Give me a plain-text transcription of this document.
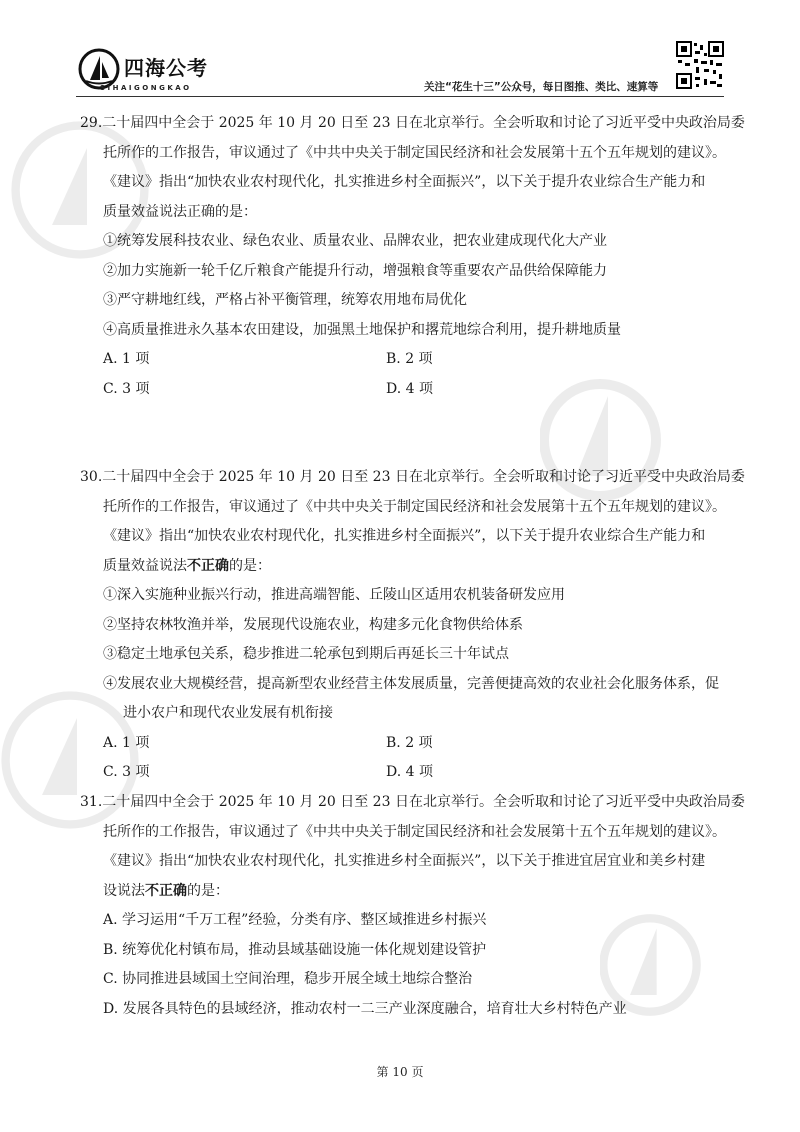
四海公考
SIHAIGONGKAO	关注“花生十三”公众号，每日图推、类比、速算等
29.二十届四中全会于 2025 年 10 月 20 日至 23 日在北京举行。全会听取和讨论了习近平受中央政治局委
托所作的工作报告，审议通过了《中共中央关于制定国民经济和社会发展第十五个五年规划的建议》。
《建议》指出“加快农业农村现代化，扎实推进乡村全面振兴”，以下关于提升农业综合生产能力和
质量效益说法正确的是：
①统筹发展科技农业、绿色农业、质量农业、品牌农业，把农业建成现代化大产业
②加力实施新一轮千亿斤粮食产能提升行动，增强粮食等重要农产品供给保障能力
③严守耕地红线，严格占补平衡管理，统筹农用地布局优化
④高质量推进永久基本农田建设，加强黑土地保护和撂荒地综合利用，提升耕地质量
A. 1 项	B. 2 项
C. 3 项	D. 4 项
30.二十届四中全会于 2025 年 10 月 20 日至 23 日在北京举行。全会听取和讨论了习近平受中央政治局委
托所作的工作报告，审议通过了《中共中央关于制定国民经济和社会发展第十五个五年规划的建议》。
《建议》指出“加快农业农村现代化，扎实推进乡村全面振兴”，以下关于提升农业综合生产能力和
质量效益说法不正确的是：
①深入实施种业振兴行动，推进高端智能、丘陵山区适用农机装备研发应用
②坚持农林牧渔并举，发展现代设施农业，构建多元化食物供给体系
③稳定土地承包关系，稳步推进二轮承包到期后再延长三十年试点
④发展农业大规模经营，提高新型农业经营主体发展质量，完善便捷高效的农业社会化服务体系，促
进小农户和现代农业发展有机衔接
A. 1 项	B. 2 项
C. 3 项	D. 4 项
31.二十届四中全会于 2025 年 10 月 20 日至 23 日在北京举行。全会听取和讨论了习近平受中央政治局委
托所作的工作报告，审议通过了《中共中央关于制定国民经济和社会发展第十五个五年规划的建议》。
《建议》指出“加快农业农村现代化，扎实推进乡村全面振兴”，以下关于推进宜居宜业和美乡村建
设说法不正确的是：
A. 学习运用“千万工程”经验，分类有序、整区域推进乡村振兴
B. 统筹优化村镇布局，推动县域基础设施一体化规划建设管护
C. 协同推进县域国土空间治理，稳步开展全域土地综合整治
D. 发展各具特色的县域经济，推动农村一二三产业深度融合，培育壮大乡村特色产业
第 10 页
